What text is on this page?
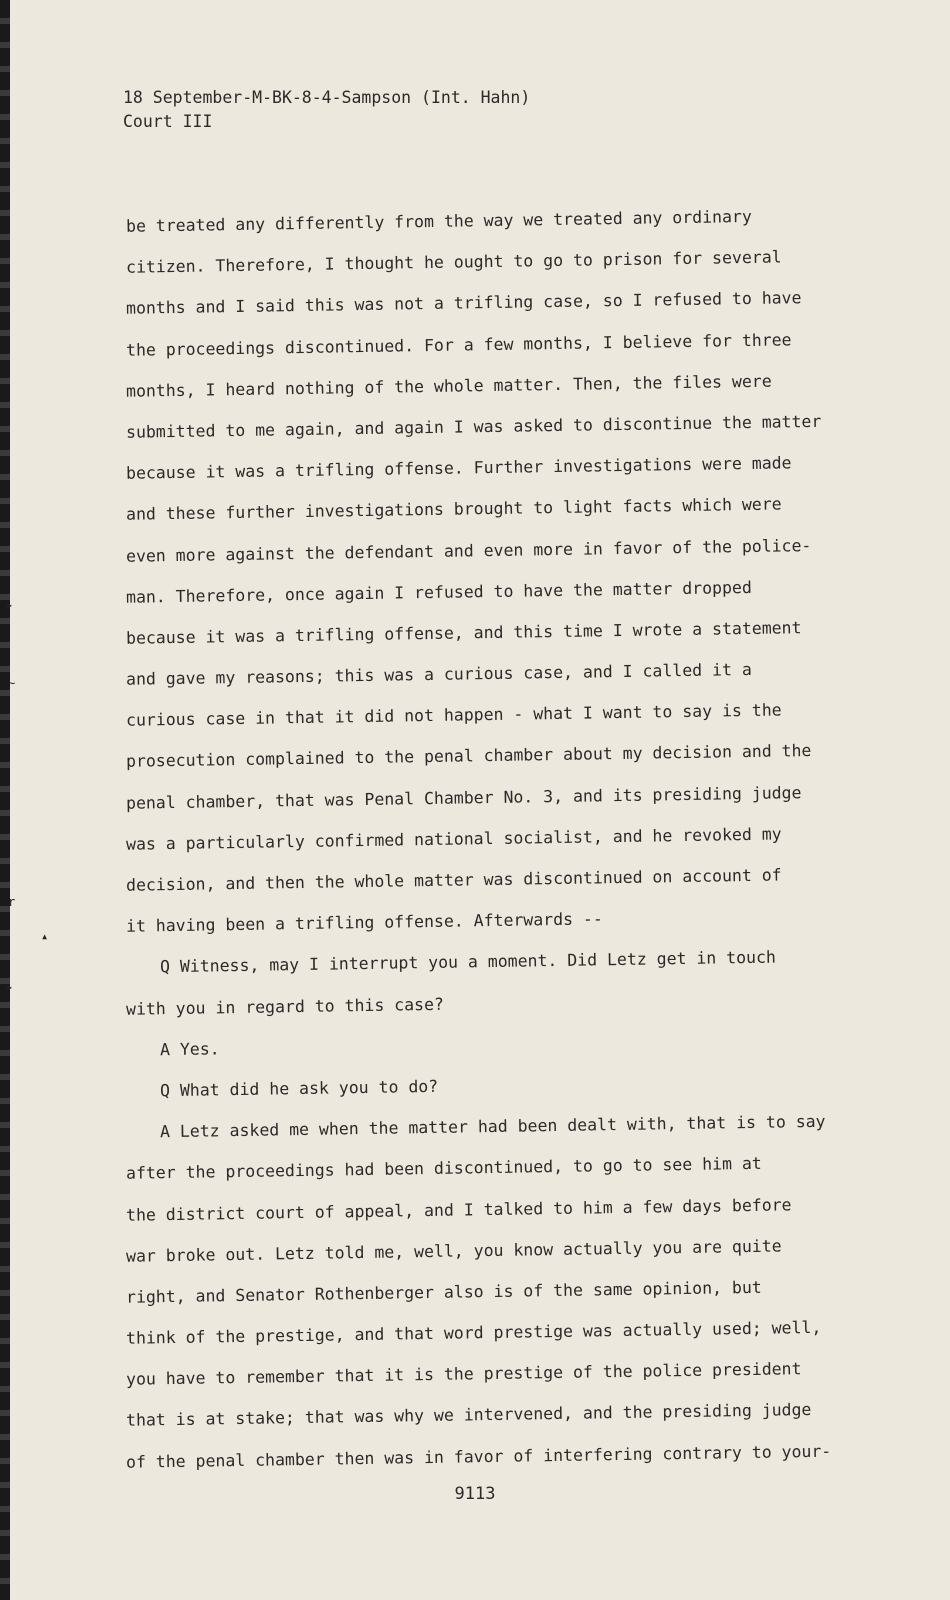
▸
∼
r
▴
▸
18 September-M-BK-8-4-Sampson (Int. Hahn)
Court III
be treated any differently from the way we treated any ordinary
citizen. Therefore, I thought he ought to go to prison for several
months and I said this was not a trifling case, so I refused to have
the proceedings discontinued. For a few months, I believe for three
months, I heard nothing of the whole matter. Then, the files were
submitted to me again, and again I was asked to discontinue the matter
because it was a trifling offense. Further investigations were made
and these further investigations brought to light facts which were
even more against the defendant and even more in favor of the police-
man. Therefore, once again I refused to have the matter dropped
because it was a trifling offense, and this time I wrote a statement
and gave my reasons; this was a curious case, and I called it a
curious case in that it did not happen - what I want to say is the
prosecution complained to the penal chamber about my decision and the
penal chamber, that was Penal Chamber No. 3, and its presiding judge
was a particularly confirmed national socialist, and he revoked my
decision, and then the whole matter was discontinued on account of
it having been a trifling offense. Afterwards --
Q Witness, may I interrupt you a moment. Did Letz get in touch
with you in regard to this case?
A Yes.
Q What did he ask you to do?
A Letz asked me when the matter had been dealt with, that is to say
after the proceedings had been discontinued, to go to see him at
the district court of appeal, and I talked to him a few days before
war broke out. Letz told me, well, you know actually you are quite
right, and Senator Rothenberger also is of the same opinion, but
think of the prestige, and that word prestige was actually used; well,
you have to remember that it is the prestige of the police president
that is at stake; that was why we intervened, and the presiding judge
of the penal chamber then was in favor of interfering contrary to your-
9113
